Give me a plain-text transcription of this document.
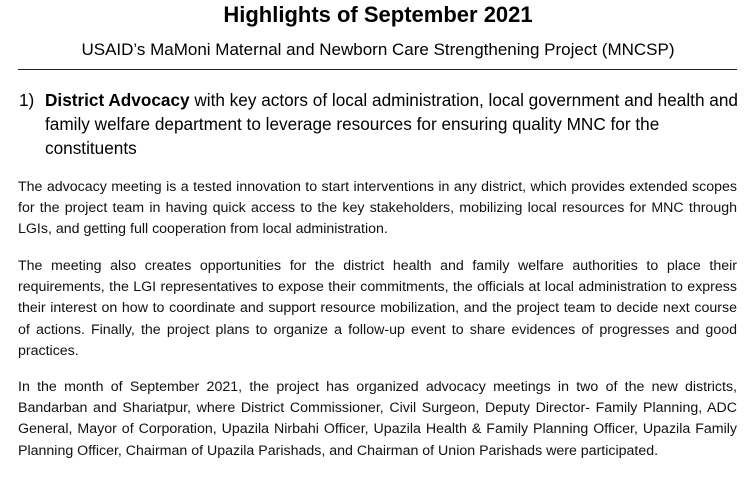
Highlights of September 2021
USAID’s MaMoni Maternal and Newborn Care Strengthening Project (MNCSP)
1) District Advocacy with key actors of local administration, local government and health and family welfare department to leverage resources for ensuring quality MNC for the constituents
The advocacy meeting is a tested innovation to start interventions in any district, which provides extended scopes for the project team in having quick access to the key stakeholders, mobilizing local resources for MNC through LGIs, and getting full cooperation from local administration.
The meeting also creates opportunities for the district health and family welfare authorities to place their requirements, the LGI representatives to expose their commitments, the officials at local administration to express their interest on how to coordinate and support resource mobilization, and the project team to decide next course of actions. Finally, the project plans to organize a follow-up event to share evidences of progresses and good practices.
In the month of September 2021, the project has organized advocacy meetings in two of the new districts, Bandarban and Shariatpur, where District Commissioner, Civil Surgeon, Deputy Director- Family Planning, ADC General, Mayor of Corporation, Upazila Nirbahi Officer, Upazila Health & Family Planning Officer, Upazila Family Planning Officer, Chairman of Upazila Parishads, and Chairman of Union Parishads were participated.
